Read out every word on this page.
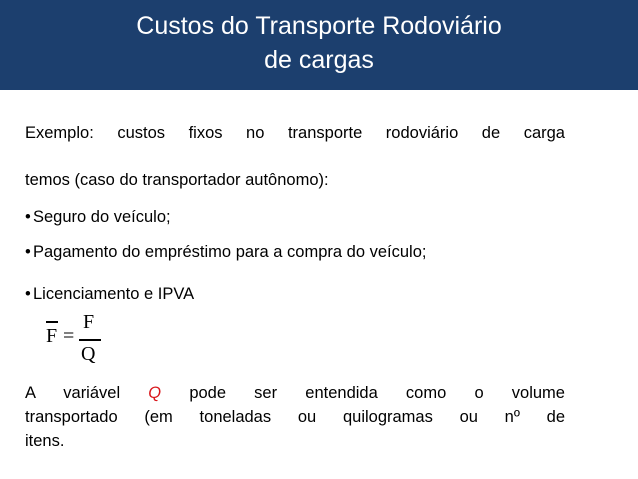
Custos do Transporte Rodoviário
de cargas
Exemplo: custos fixos no transporte rodoviário de carga
temos (caso do transportador autônomo):
• Seguro do veículo;
• Pagamento do empréstimo para a compra do veículo;
• Licenciamento e IPVA
F =
F
Q
A variável Q pode ser entendida como o volume
transportado (em toneladas ou quilogramas ou nº de
itens.
